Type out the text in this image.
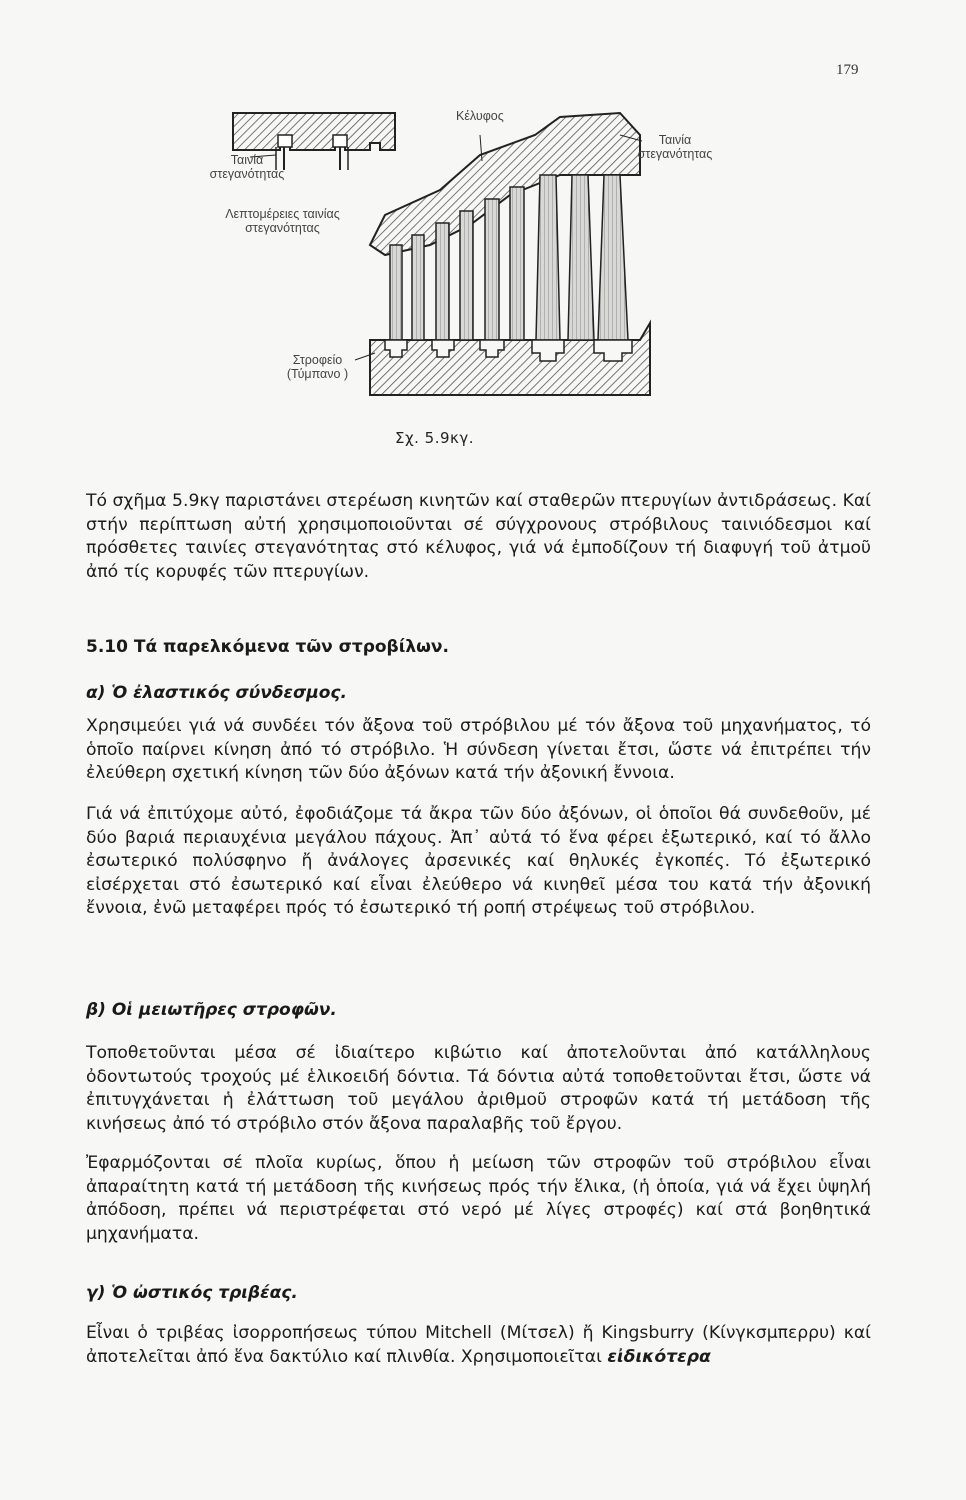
179
Κέλυφος
Ταινία στεγανότητας
Ταινία στεγανότητας
Λεπτομέρειες ταινίας στεγανότητας
Στροφείο (Τύμπανο )
Σχ. 5.9κγ.

Τό σχῆμα 5.9κγ παριστάνει στερέωση κινητῶν καί σταθερῶν πτερυγίων ἀντιδράσεως. Καί στήν περίπτωση αὐτή χρησιμοποιοῦνται σέ σύγχρονους στρόβιλους ταινιόδεσμοι καί πρόσθετες ταινίες στεγανότητας στό κέλυφος, γιά νά ἐμποδίζουν τή διαφυγή τοῦ ἀτμοῦ ἀπό τίς κορυφές τῶν πτερυγίων.

5.10 Τά παρελκόμενα τῶν στροβίλων.
α) Ὁ ἐλαστικός σύνδεσμος.

Χρησιμεύει γιά νά συνδέει τόν ἄξονα τοῦ στρόβιλου μέ τόν ἄξονα τοῦ μηχανήματος, τό ὁποῖο παίρνει κίνηση ἀπό τό στρόβιλο. Ἡ σύνδεση γίνεται ἔτσι, ὥστε νά ἐπιτρέπει τήν ἐλεύθερη σχετική κίνηση τῶν δύο ἀξόνων κατά τήν ἀξονική ἔννοια.

Γιά νά ἐπιτύχομε αὐτό, ἐφοδιάζομε τά ἄκρα τῶν δύο ἀξόνων, οἱ ὁποῖοι θά συνδεθοῦν, μέ δύο βαριά περιαυχένια μεγάλου πάχους. Ἀπ᾽ αὐτά τό ἕνα φέρει ἐξωτερικό, καί τό ἄλλο ἐσωτερικό πολύσφηνο ἤ ἀνάλογες ἀρσενικές καί θηλυκές ἐγκοπές. Τό ἐξωτερικό εἰσέρχεται στό ἐσωτερικό καί εἶναι ἐλεύθερο νά κινηθεῖ μέσα του κατά τήν ἀξονική ἔννοια, ἐνῶ μεταφέρει πρός τό ἐσωτερικό τή ροπή στρέψεως τοῦ στρόβιλου.

β) Οἱ μειωτῆρες στροφῶν.

Τοποθετοῦνται μέσα σέ ἰδιαίτερο κιβώτιο καί ἀποτελοῦνται ἀπό κατάλληλους ὀδοντωτούς τροχούς μέ ἑλικοειδή δόντια. Τά δόντια αὐτά τοποθετοῦνται ἔτσι, ὥστε νά ἐπιτυγχάνεται ἡ ἐλάττωση τοῦ μεγάλου ἀριθμοῦ στροφῶν κατά τή μετάδοση τῆς κινήσεως ἀπό τό στρόβιλο στόν ἄξονα παραλαβῆς τοῦ ἔργου.

Ἐφαρμόζονται σέ πλοῖα κυρίως, ὅπου ἡ μείωση τῶν στροφῶν τοῦ στρόβιλου εἶναι ἀπαραίτητη κατά τή μετάδοση τῆς κινήσεως πρός τήν ἕλικα, (ἡ ὁποία, γιά νά ἔχει ὑψηλή ἀπόδοση, πρέπει νά περιστρέφεται στό νερό μέ λίγες στροφές) καί στά βοηθητικά μηχανήματα.

γ) Ὁ ὠστικός τριβέας.

Εἶναι ὁ τριβέας ἰσορροπήσεως τύπου Mitchell (Μίτσελ) ἤ Kingsburry (Κίνγκσμπερρυ) καί ἀποτελεῖται ἀπό ἕνα δακτύλιο καί πλινθία. Χρησιμοποιεῖται εἰδικότερα
